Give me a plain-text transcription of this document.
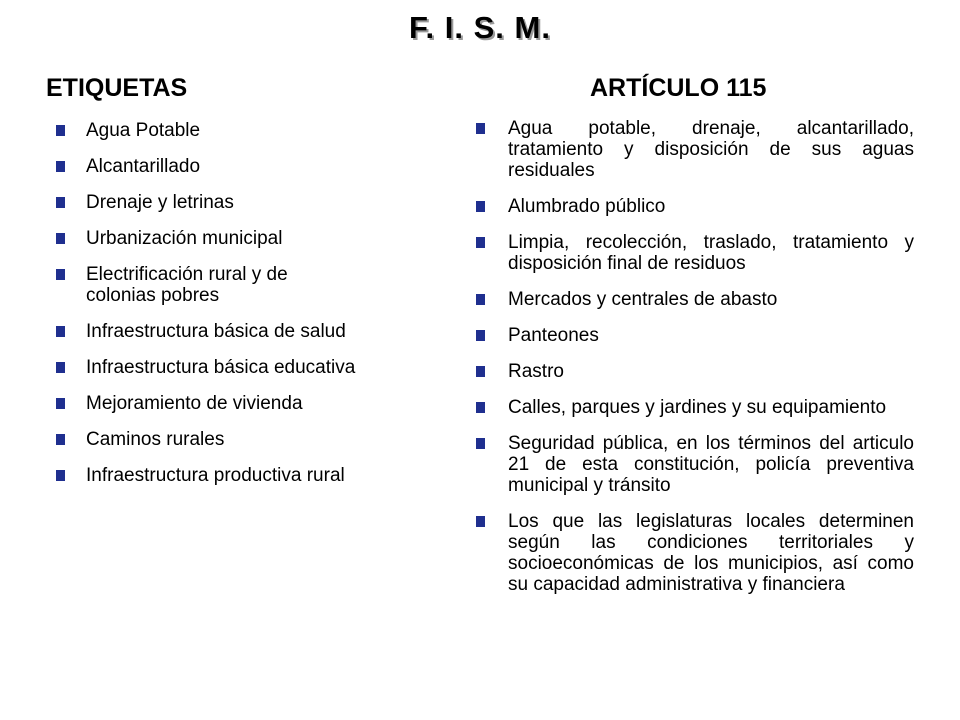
F. I. S. M.
ETIQUETAS	ARTÍCULO 115
Agua Potable
Alcantarillado
Drenaje y letrinas
Urbanización municipal
Electrificación rural y de colonias pobres
Infraestructura básica de salud
Infraestructura básica educativa
Mejoramiento de vivienda
Caminos rurales
Infraestructura productiva rural
Agua potable, drenaje, alcantarillado, tratamiento y disposición de sus aguas residuales
Alumbrado público
Limpia, recolección, traslado, tratamiento y disposición final de residuos
Mercados y centrales de abasto
Panteones
Rastro
Calles, parques y jardines y su equipamiento
Seguridad pública, en los términos del articulo 21 de esta constitución, policía preventiva municipal y tránsito
Los que las legislaturas locales determinen según las condiciones territoriales y socioeconómicas de los municipios, así como su capacidad administrativa y financiera
